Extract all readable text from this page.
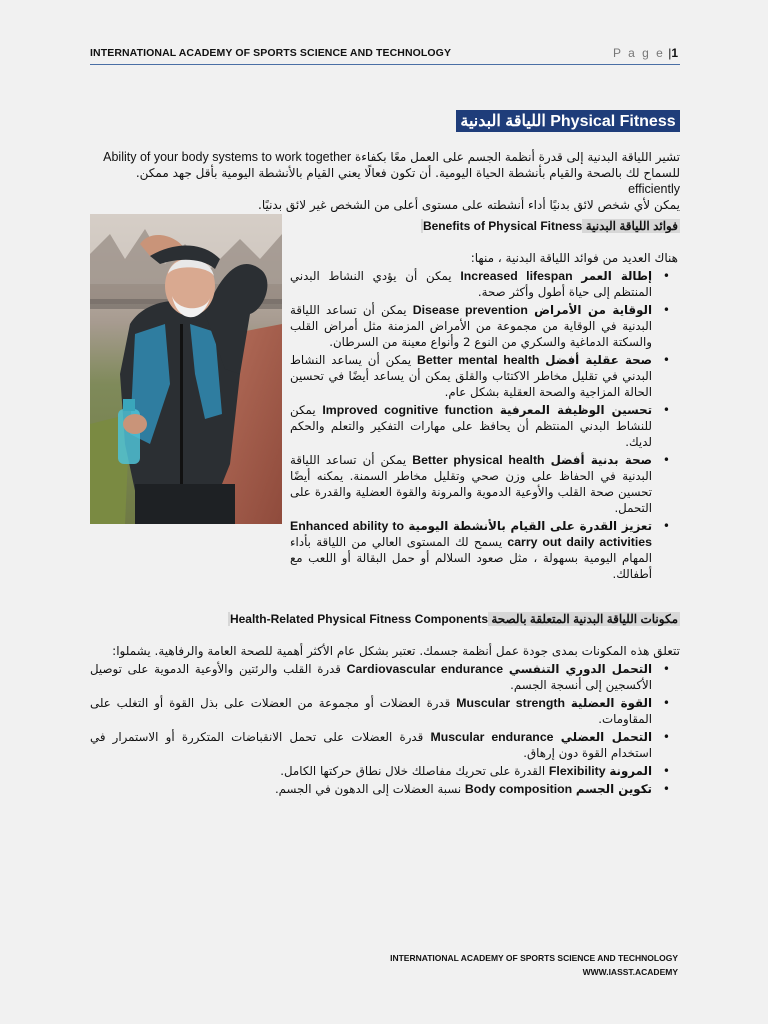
INTERNATIONAL ACADEMY OF SPORTS SCIENCE AND TECHNOLOGY	P a g e |1
Physical Fitness اللياقة البدنية
تشير اللياقة البدنية إلى قدرة أنظمة الجسم على العمل معًا بكفاءة Ability of your body systems to work together
للسماح لك بالصحة والقيام بأنشطة الحياة اليومية. أن تكون فعالًا يعني القيام بالأنشطة اليومية بأقل جهد ممكن. efficiently
يمكن لأي شخص لائق بدنيًا أداء أنشطته على مستوى أعلى من الشخص غير لائق بدنيًا.
فوائد اللياقة البدنية Benefits of Physical Fitness
هناك العديد من فوائد اللياقة البدنية ، منها:
• إطالة العمر Increased lifespan يمكن أن يؤدي النشاط البدني المنتظم إلى حياة أطول وأكثر صحة.
• الوقاية من الأمراض Disease prevention يمكن أن تساعد اللياقة البدنية في الوقاية من مجموعة من الأمراض المزمنة مثل أمراض القلب والسكتة الدماغية والسكري من النوع 2 وأنواع معينة من السرطان.
• صحة عقلية أفضل Better mental health يمكن أن يساعد النشاط البدني في تقليل مخاطر الاكتئاب والقلق يمكن أن يساعد أيضًا في تحسين الحالة المزاجية والصحة العقلية بشكل عام.
• تحسين الوظيفة المعرفية Improved cognitive function يمكن للنشاط البدني المنتظم أن يحافظ على مهارات التفكير والتعلم والحكم لديك.
• صحة بدنية أفضل Better physical health يمكن أن تساعد اللياقة البدنية في الحفاظ على وزن صحي وتقليل مخاطر السمنة. يمكنه أيضًا تحسين صحة القلب والأوعية الدموية والمرونة والقوة العضلية والقدرة على التحمل.
• تعزيز القدرة على القيام بالأنشطة اليومية Enhanced ability to carry out daily activities يسمح لك المستوى العالي من اللياقة بأداء المهام اليومية بسهولة ، مثل صعود السلالم أو حمل البقالة أو اللعب مع أطفالك.
مكونات اللياقة البدنية المتعلقة بالصحة Health-Related Physical Fitness Components
تتعلق هذه المكونات بمدى جودة عمل أنظمة جسمك. تعتبر بشكل عام الأكثر أهمية للصحة العامة والرفاهية. يشملوا:
• التحمل الدوري التنفسي Cardiovascular endurance قدرة القلب والرئتين والأوعية الدموية على توصيل الأكسجين إلى أنسجة الجسم.
• القوة العضلية Muscular strength قدرة العضلات أو مجموعة من العضلات على بذل القوة أو التغلب على المقاومات.
• التحمل العضلي Muscular endurance قدرة العضلات على تحمل الانقباضات المتكررة أو الاستمرار في استخدام القوة دون إرهاق.
• المرونة Flexibility القدرة على تحريك مفاصلك خلال نطاق حركتها الكامل.
• تكوين الجسم Body composition نسبة العضلات إلى الدهون في الجسم.
INTERNATIONAL ACADEMY OF SPORTS SCIENCE AND TECHNOLOGY
WWW.IASST.ACADEMY
